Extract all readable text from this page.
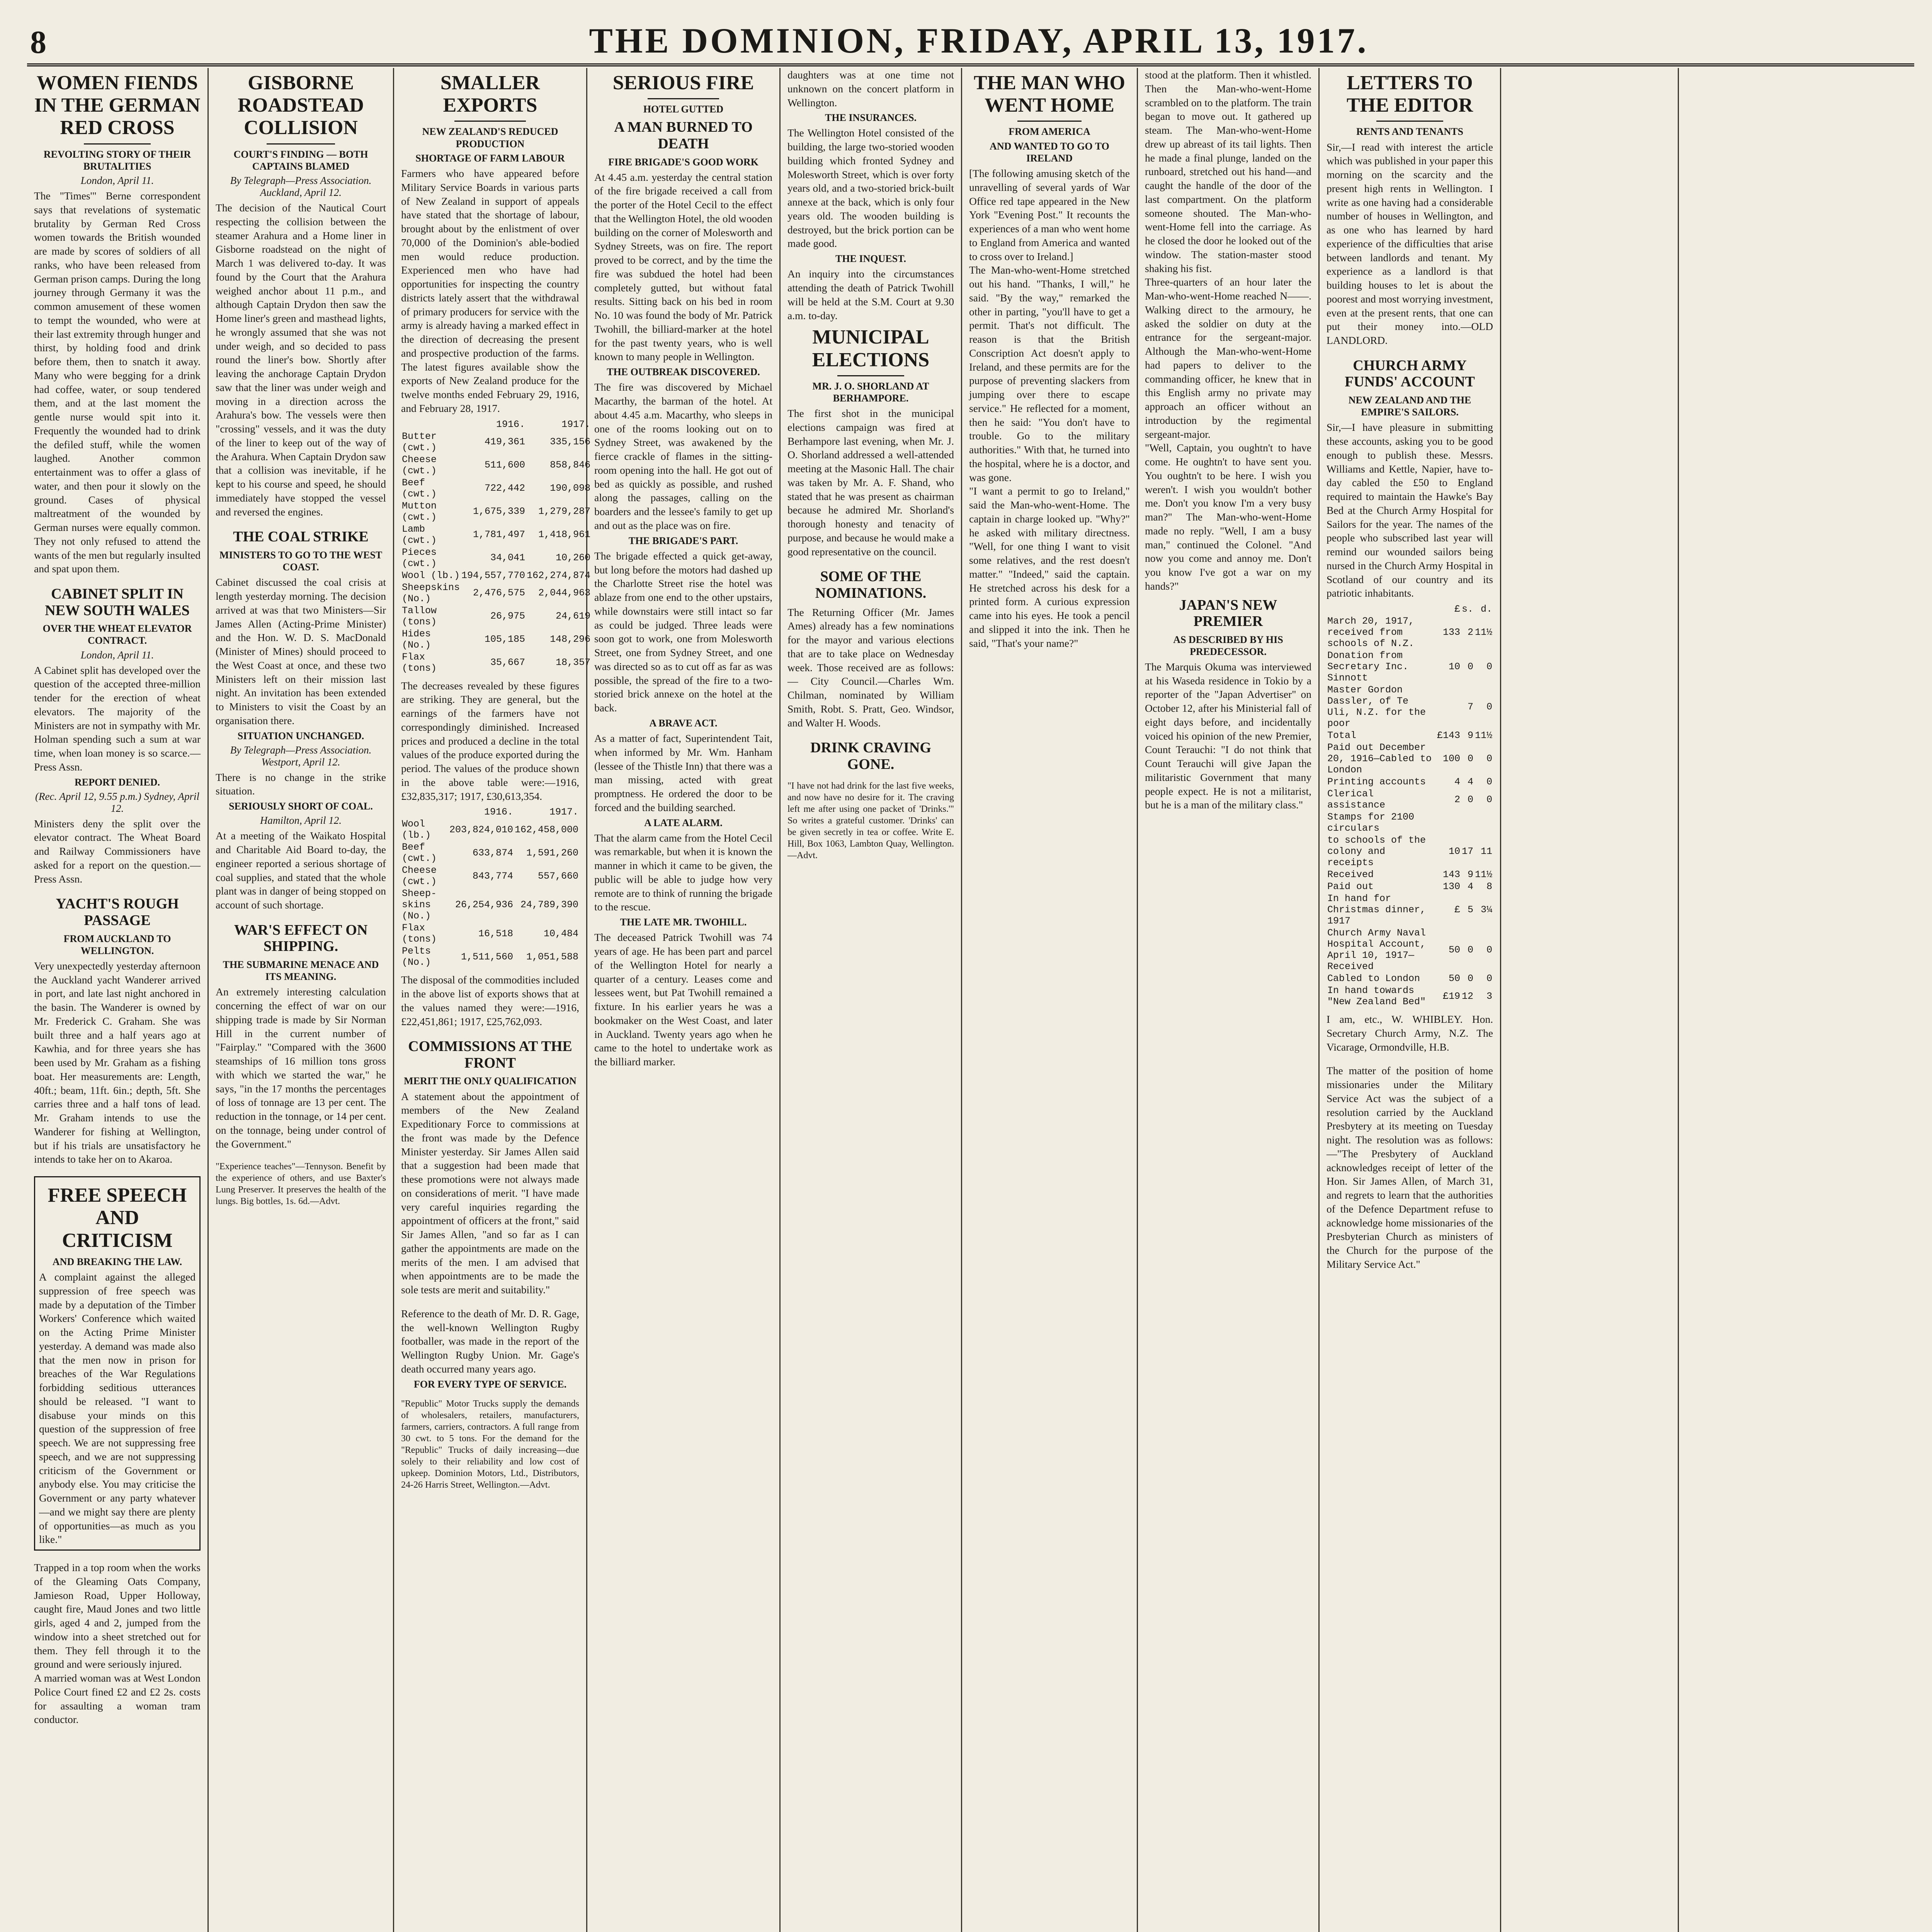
8	THE DOMINION, FRIDAY, APRIL 13, 1917.
WOMEN FIENDS IN THE GERMAN RED CROSS
REVOLTING STORY OF THEIR BRUTALITIES
London, April 11.

The "Times'" Berne correspondent says that revelations of systematic brutality by German Red Cross women towards the British wounded are made by scores of soldiers of all ranks, who have been released from German prison camps. During the long journey through Germany it was the common amusement of these women to tempt the wounded, who were at their last extremity through hunger and thirst, by holding food and drink before them, then to snatch it away. Many who were begging for a drink had coffee, water, or soup tendered them, and at the last moment the gentle nurse would spit into it. Frequently the wounded had to drink the defiled stuff, while the women laughed. Another common entertainment was to offer a glass of water, and then pour it slowly on the ground. Cases of physical maltreatment of the wounded by German nurses were equally common. They not only refused to attend the wants of the men but regularly insulted and spat upon them.

CABINET SPLIT IN NEW SOUTH WALES
OVER THE WHEAT ELEVATOR CONTRACT.
London, April 11.

A Cabinet split has developed over the question of the accepted three-million tender for the erection of wheat elevators. The majority of the Ministers are not in sympathy with Mr. Holman spending such a sum at war time, when loan money is so scarce.—Press Assn.

REPORT DENIED.
(Rec. April 12, 9.55 p.m.) Sydney, April 12.

Ministers deny the split over the elevator contract. The Wheat Board and Railway Commissioners have asked for a report on the question.—Press Assn.

YACHT'S ROUGH PASSAGE
FROM AUCKLAND TO WELLINGTON.

Very unexpectedly yesterday afternoon the Auckland yacht Wanderer arrived in port, and late last night anchored in the basin. The Wanderer is owned by Mr. Frederick C. Graham. She was built three and a half years ago at Kawhia, and for three years she has been used by Mr. Graham as a fishing boat. Her measurements are: Length, 40ft.; beam, 11ft. 6in.; depth, 5ft. She carries three and a half tons of lead. Mr. Graham intends to use the Wanderer for fishing at Wellington, but if his trials are unsatisfactory he intends to take her on to Akaroa.

FREE SPEECH AND CRITICISM
AND BREAKING THE LAW.

A complaint against the alleged suppression of free speech was made by a deputation of the Timber Workers' Conference which waited on the Acting Prime Minister yesterday. A demand was made also that the men now in prison for breaches of the War Regulations forbidding seditious utterances should be released. "I want to disabuse your minds on this question of the suppression of free speech. We are not suppressing free speech, and we are not suppressing criticism of the Government or anybody else. You may criticise the Government or any party whatever—and we might say there are plenty of opportunities—as much as you like."

Trapped in a top room when the works of the Gleaming Oats Company, Jamieson Road, Upper Holloway, caught fire, Maud Jones and two little girls, aged 4 and 2, jumped from the window into a sheet stretched out for them. They fell through it to the ground and were seriously injured.

A married woman was at West London Police Court fined £2 and £2 2s. costs for assaulting a woman tram conductor.

GISBORNE ROADSTEAD COLLISION
COURT'S FINDING — BOTH CAPTAINS BLAMED
By Telegraph—Press Association. Auckland, April 12.

The decision of the Nautical Court respecting the collision between the steamer Arahura and a Home liner in Gisborne roadstead on the night of March 1 was delivered to-day. It was found by the Court that the Arahura weighed anchor about 11 p.m., and although Captain Drydon then saw the Home liner's green and masthead lights, he wrongly assumed that she was not under weigh, and so decided to pass round the liner's bow. Shortly after leaving the anchorage Captain Drydon saw that the liner was under weigh and moving in a direction across the Arahura's bow. The vessels were then "crossing" vessels, and it was the duty of the liner to keep out of the way of the Arahura. When Captain Drydon saw that a collision was inevitable, if he kept to his course and speed, he should immediately have stopped the vessel and reversed the engines.

THE COAL STRIKE
MINISTERS TO GO TO THE WEST COAST.

Cabinet discussed the coal crisis at length yesterday morning. The decision arrived at was that two Ministers—Sir James Allen (Acting-Prime Minister) and the Hon. W. D. S. MacDonald (Minister of Mines) should proceed to the West Coast at once, and these two Ministers left on their mission last night. An invitation has been extended to Ministers to visit the Coast by an organisation there.

SITUATION UNCHANGED.
By Telegraph—Press Association. Westport, April 12.

There is no change in the strike situation.

SERIOUSLY SHORT OF COAL.
Hamilton, April 12.

At a meeting of the Waikato Hospital and Charitable Aid Board to-day, the engineer reported a serious shortage of coal supplies, and stated that the whole plant was in danger of being stopped on account of such shortage.

WAR'S EFFECT ON SHIPPING.
THE SUBMARINE MENACE AND ITS MEANING.

An extremely interesting calculation concerning the effect of war on our shipping trade is made by Sir Norman Hill in the current number of "Fairplay." "Compared with the 3600 steamships of 16 million tons gross with which we started the war," he says, "in the 17 months the percentages of loss of tonnage are 13 per cent. The reduction in the tonnage, or 14 per cent. on the tonnage, being under control of the Government."

"Experience teaches"—Tennyson. Benefit by the experience of others, and use Baxter's Lung Preserver. It preserves the health of the lungs. Big bottles, 1s. 6d.—Advt.

SMALLER EXPORTS
NEW ZEALAND'S REDUCED PRODUCTION
SHORTAGE OF FARM LABOUR

Farmers who have appeared before Military Service Boards in various parts of New Zealand in support of appeals have stated that the shortage of labour, brought about by the enlistment of over 70,000 of the Dominion's able-bodied men would reduce production. Experienced men who have had opportunities for inspecting the country districts lately assert that the withdrawal of primary producers for service with the army is already having a marked effect in the direction of decreasing the present and prospective production of the farms. The latest figures available show the exports of New Zealand produce for the twelve months ended February 29, 1916, and February 28, 1917.

	1916.	1917.
Butter (cwt.)	419,361	335,156
Cheese (cwt.)	511,600	858,846
Beef (cwt.)	722,442	190,098
Mutton (cwt.)	1,675,339	1,279,287
Lamb (cwt.)	1,781,497	1,418,961
Pieces (cwt.)	34,041	10,260
Wool (lb.)	194,557,770	162,274,874
Sheepskins (No.)	2,476,575	2,044,963
Tallow (tons)	26,975	24,619
Hides (No.)	105,185	148,296
Flax (tons)	35,667	18,357

The decreases revealed by these figures are striking. They are general, but the earnings of the farmers have not correspondingly diminished. Increased prices and produced a decline in the total values of the produce exported during the period. The values of the produce shown in the above table were:—1916, £32,835,317; 1917, £30,613,354.

	1916.	1917.
Wool (lb.)	203,824,010	162,458,000
Beef (cwt.)	633,874	1,591,260
Cheese (cwt.)	843,774	557,660
Sheep-skins (No.)	26,254,936	24,789,390
Flax (tons)	16,518	10,484
Pelts (No.)	1,511,560	1,051,588

The disposal of the commodities included in the above list of exports shows that at the values named they were:—1916, £22,451,861; 1917, £25,762,093.

COMMISSIONS AT THE FRONT
MERIT THE ONLY QUALIFICATION

A statement about the appointment of members of the New Zealand Expeditionary Force to commissions at the front was made by the Defence Minister yesterday. Sir James Allen said that a suggestion had been made that these promotions were not always made on considerations of merit. "I have made very careful inquiries regarding the appointment of officers at the front," said Sir James Allen, "and so far as I can gather the appointments are made on the merits of the men. I am advised that when appointments are to be made the sole tests are merit and suitability."

Reference to the death of Mr. D. R. Gage, the well-known Wellington Rugby footballer, was made in the report of the Wellington Rugby Union. Mr. Gage's death occurred many years ago.

FOR EVERY TYPE OF SERVICE.

"Republic" Motor Trucks supply the demands of wholesalers, retailers, manufacturers, farmers, carriers, contractors. A full range from 30 cwt. to 5 tons. For the demand for the "Republic" Trucks of daily increasing—due solely to their reliability and low cost of upkeep. Dominion Motors, Ltd., Distributors, 24-26 Harris Street, Wellington.—Advt.

SERIOUS FIRE
HOTEL GUTTED
A MAN BURNED TO DEATH
FIRE BRIGADE'S GOOD WORK

At 4.45 a.m. yesterday the central station of the fire brigade received a call from the porter of the Hotel Cecil to the effect that the Wellington Hotel, the old wooden building on the corner of Molesworth and Sydney Streets, was on fire. The report proved to be correct, and by the time the fire was subdued the hotel had been completely gutted, but without fatal results. Sitting back on his bed in room No. 10 was found the body of Mr. Patrick Twohill, the billiard-marker at the hotel for the past twenty years, who is well known to many people in Wellington.

THE OUTBREAK DISCOVERED.

The fire was discovered by Michael Macarthy, the barman of the hotel. At about 4.45 a.m. Macarthy, who sleeps in one of the rooms looking out on to Sydney Street, was awakened by the fierce crackle of flames in the sitting-room opening into the hall. He got out of bed as quickly as possible, and rushed along the passages, calling on the boarders and the lessee's family to get up and out as the place was on fire.

THE BRIGADE'S PART.

The brigade effected a quick get-away, but long before the motors had dashed up the Charlotte Street rise the hotel was ablaze from one end to the other upstairs, while downstairs were still intact so far as could be judged. Three leads were soon got to work, one from Molesworth Street, one from Sydney Street, and one was directed so as to cut off as far as was possible, the spread of the fire to a two-storied brick annexe on the hotel at the back.

A BRAVE ACT.

As a matter of fact, Superintendent Tait, when informed by Mr. Wm. Hanham (lessee of the Thistle Inn) that there was a man missing, acted with great promptness. He ordered the door to be forced and the building searched.

A LATE ALARM.

That the alarm came from the Hotel Cecil was remarkable, but when it is known the manner in which it came to be given, the public will be able to judge how very remote are to think of running the brigade to the rescue.

THE LATE MR. TWOHILL.

The deceased Patrick Twohill was 74 years of age. He has been part and parcel of the Wellington Hotel for nearly a quarter of a century. Leases come and lessees went, but Pat Twohill remained a fixture. In his earlier years he was a bookmaker on the West Coast, and later in Auckland. Twenty years ago when he came to the hotel to undertake work as the billiard marker.

daughters was at one time not unknown on the concert platform in Wellington.

THE INSURANCES.

The Wellington Hotel consisted of the building, the large two-storied wooden building which fronted Sydney and Molesworth Street, which is over forty years old, and a two-storied brick-built annexe at the back, which is only four years old. The wooden building is destroyed, but the brick portion can be made good.

THE INQUEST.

An inquiry into the circumstances attending the death of Patrick Twohill will be held at the S.M. Court at 9.30 a.m. to-day.

MUNICIPAL ELECTIONS
MR. J. O. SHORLAND AT BERHAMPORE.

The first shot in the municipal elections campaign was fired at Berhampore last evening, when Mr. J. O. Shorland addressed a well-attended meeting at the Masonic Hall. The chair was taken by Mr. A. F. Shand, who stated that he was present as chairman because he admired Mr. Shorland's thorough honesty and tenacity of purpose, and because he would make a good representative on the council.

SOME OF THE NOMINATIONS.

The Returning Officer (Mr. James Ames) already has a few nominations for the mayor and various elections that are to take place on Wednesday week. Those received are as follows:— City Council.—Charles Wm. Chilman, nominated by William Smith, Robt. S. Pratt, Geo. Windsor, and Walter H. Woods.

DRINK CRAVING GONE.

"I have not had drink for the last five weeks, and now have no desire for it. The craving left me after using one packet of 'Drinks.'" So writes a grateful customer. 'Drinks' can be given secretly in tea or coffee. Write E. Hill, Box 1063, Lambton Quay, Wellington.—Advt.

THE MAN WHO WENT HOME
FROM AMERICA
AND WANTED TO GO TO IRELAND

[The following amusing sketch of the unravelling of several yards of War Office red tape appeared in the New York "Evening Post." It recounts the experiences of a man who went home to England from America and wanted to cross over to Ireland.]

The Man-who-went-Home stretched out his hand. "Thanks, I will," he said. "By the way," remarked the other in parting, "you'll have to get a permit. That's not difficult. The reason is that the British Conscription Act doesn't apply to Ireland, and these permits are for the purpose of preventing slackers from jumping over there to escape service." He reflected for a moment, then he said: "You don't have to trouble. Go to the military authorities." With that, he turned into the hospital, where he is a doctor, and was gone.

"I want a permit to go to Ireland," said the Man-who-went-Home. The captain in charge looked up. "Why?" he asked with military directness. "Well, for one thing I want to visit some relatives, and the rest doesn't matter." "Indeed," said the captain. He stretched across his desk for a printed form. A curious expression came into his eyes. He took a pencil and slipped it into the ink. Then he said, "That's your name?"

stood at the platform. Then it whistled. Then the Man-who-went-Home scrambled on to the platform. The train began to move out. It gathered up steam. The Man-who-went-Home drew up abreast of its tail lights. Then he made a final plunge, landed on the runboard, stretched out his hand—and caught the handle of the door of the last compartment. On the platform someone shouted. The Man-who-went-Home fell into the carriage. As he closed the door he looked out of the window. The station-master stood shaking his fist.

Three-quarters of an hour later the Man-who-went-Home reached N——. Walking direct to the armoury, he asked the soldier on duty at the entrance for the sergeant-major. Although the Man-who-went-Home had papers to deliver to the commanding officer, he knew that in this English army no private may approach an officer without an introduction by the regimental sergeant-major.

"Well, Captain, you oughtn't to have come. He oughtn't to have sent you. You oughtn't to be here. I wish you weren't. I wish you wouldn't bother me. Don't you know I'm a very busy man?" The Man-who-went-Home made no reply. "Well, I am a busy man," continued the Colonel. "And now you come and annoy me. Don't you know I've got a war on my hands?"

JAPAN'S NEW PREMIER
AS DESCRIBED BY HIS PREDECESSOR.

The Marquis Okuma was interviewed at his Waseda residence in Tokio by a reporter of the "Japan Advertiser" on October 12, after his Ministerial fall of eight days before, and incidentally voiced his opinion of the new Premier, Count Terauchi: "I do not think that Count Terauchi will give Japan the militaristic Government that many people expect. He is not a militarist, but he is a man of the military class."

LETTERS TO THE EDITOR
RENTS AND TENANTS

Sir,—I read with interest the article which was published in your paper this morning on the scarcity and the present high rents in Wellington. I write as one having had a considerable number of houses in Wellington, and as one who has learned by hard experience of the difficulties that arise between landlords and tenant. My experience as a landlord is that building houses to let is about the poorest and most worrying investment, even at the present rents, that one can put their money into.—OLD LANDLORD.

CHURCH ARMY FUNDS' ACCOUNT
NEW ZEALAND AND THE EMPIRE'S SAILORS.

Sir,—I have pleasure in submitting these accounts, asking you to be good enough to publish these. Messrs. Williams and Kettle, Napier, have to-day cabled the £50 to England required to maintain the Hawke's Bay Bed at the Church Army Hospital for Sailors for the year. The names of the people who subscribed last year will remind our wounded sailors being nursed in the Church Army Hospital in Scotland of our country and its patriotic inhabitants.

	£	s.	d.
March 20, 1917, received from schools of N.Z.	133	2	11½
Donation from Secretary Inc. Sinnott	10	0	0
Master Gordon Dassler, of Te Uli, N.Z. for the poor		7	0
Total	£143	9	11½
Paid out December 20, 1916—Cabled to London	100	0	0
Printing accounts	4	4	0
Clerical assistance	2	0	0
Stamps for 2100 circulars			
to schools of the colony and receipts	10	17	11
Received	143	9	11½
Paid out	130	4	8
In hand for Christmas dinner, 1917	£	5	3¼
Church Army Naval Hospital Account, April 10, 1917—Received	50	0	0
Cabled to London	50	0	0
In hand towards "New Zealand Bed"	£19	12	3

I am, etc., W. WHIBLEY. Hon. Secretary Church Army, N.Z. The Vicarage, Ormondville, H.B.

The matter of the position of home missionaries under the Military Service Act was the subject of a resolution carried by the Auckland Presbytery at its meeting on Tuesday night. The resolution was as follows:—"The Presbytery of Auckland acknowledges receipt of letter of the Hon. Sir James Allen, of March 31, and regrets to learn that the authorities of the Defence Department refuse to acknowledge home missionaries of the Presbyterian Church as ministers of the Church for the purpose of the Military Service Act."
